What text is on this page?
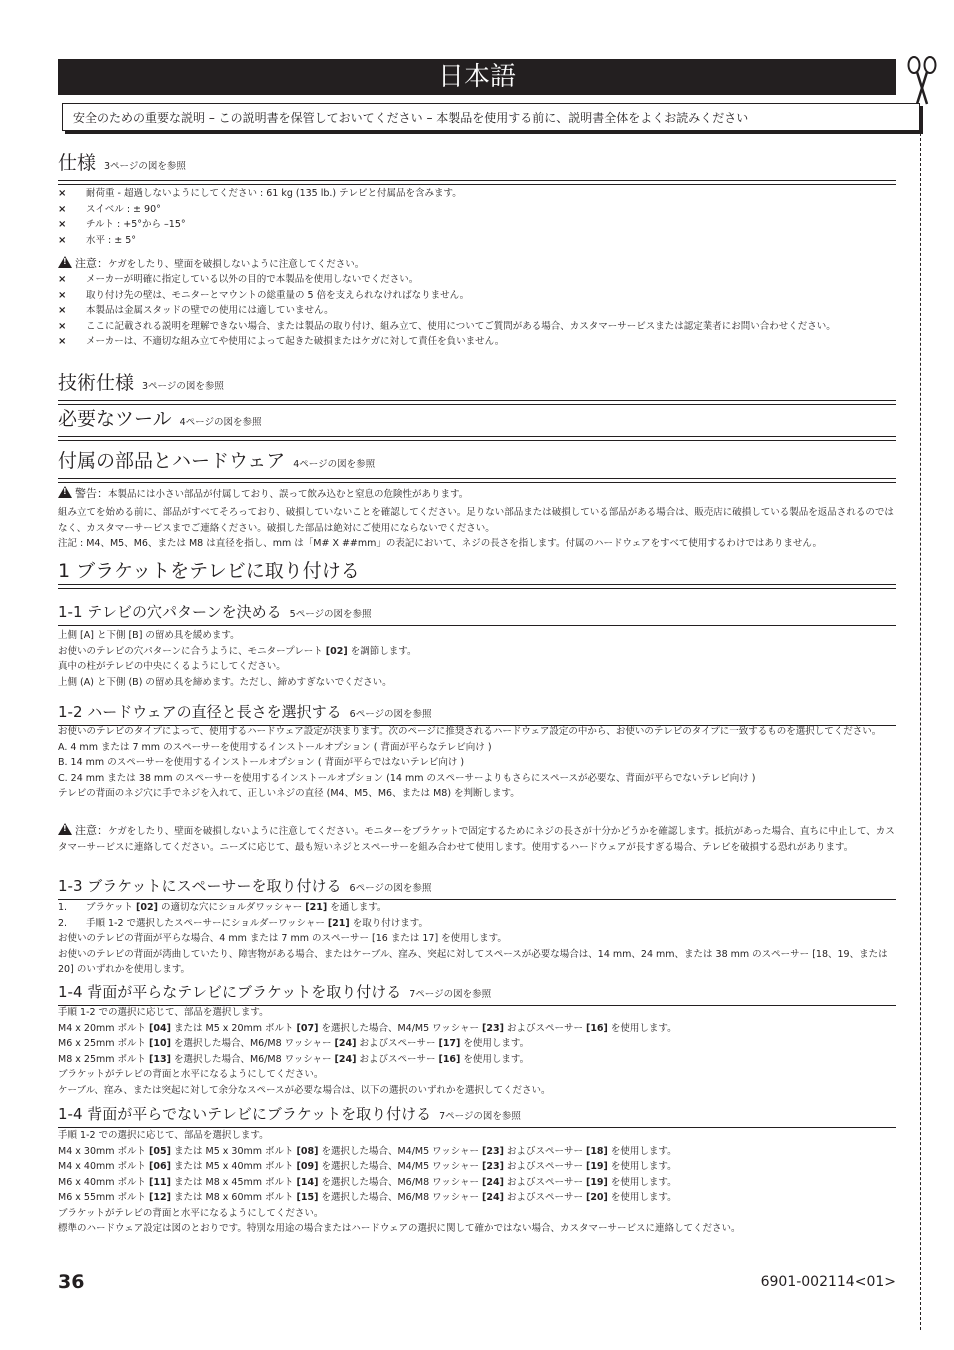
日本語
安全のための重要な説明 – この説明書を保管しておいてください – 本製品を使用する前に、説明書全体をよくお読みください
仕様 3ページの図を参照
× 耐荷重 - 超過しないようにしてください : 61 kg (135 lb.) テレビと付属品を含みます。
× スイベル : ± 90°
× チルト : +5°から –15°
× 水平 : ± 5°
!注意：ケガをしたり、壁面を破損しないように注意してください。
× メーカーが明確に指定している以外の目的で本製品を使用しないでください。
× 取り付け先の壁は、モニターとマウントの総重量の 5 倍を支えられなければなりません。
× 本製品は金属スタッドの壁での使用には適していません。
× ここに記載される説明を理解できない場合、または製品の取り付け、組み立て、使用についてご質問がある場合、カスタマーサービスまたは認定業者にお問い合わせください。
× メーカーは、不適切な組み立てや使用によって起きた破損またはケガに対して責任を負いません。
技術仕様 3ページの図を参照
必要なツール 4ページの図を参照
付属の部品とハードウェア 4ページの図を参照
!警告：本製品には小さい部品が付属しており、誤って飲み込むと窒息の危険性があります。

組み立てを始める前に、部品がすべてそろっており、破損していないことを確認してください。足りない部品または破損している部品がある場合は、販売店に破損している製品を返品されるのではなく、カスタマーサービスまでご連絡ください。破損した部品は絶対にご使用にならないでください。

注記 : M4、M5、M6、または M8 は直径を指し、mm は「M# X ##mm」の表記において、ネジの長さを指します。付属のハードウェアをすべて使用するわけではありません。

1 ブラケットをテレビに取り付ける
1-1 テレビの穴パターンを決める 5ページの図を参照

上側 [A] と下側 [B] の留め具を緩めます。

お使いのテレビの穴パターンに合うように、モニタープレート [02] を調節します。

真中の柱がテレビの中央にくるようにしてください。

上側 (A) と下側 (B) の留め具を締めます。ただし、締めすぎないでください。

1-2 ハードウェアの直径と長さを選択する 6ページの図を参照

お使いのテレビのタイプによって、使用するハードウェア設定が決まります。次のページに推奨されるハードウェア設定の中から、お使いのテレビのタイプに一致するものを選択してください。

A. 4 mm または 7 mm のスペーサーを使用するインストールオプション ( 背面が平らなテレビ向け )

B. 14 mm のスペーサーを使用するインストールオプション ( 背面が平らではないテレビ向け )

C. 24 mm または 38 mm のスペーサーを使用するインストールオプション (14 mm のスペーサーよりもさらにスペースが必要な、背面が平らでないテレビ向け )

テレビの背面のネジ穴に手でネジを入れて、正しいネジの直径 (M4、M5、M6、または M8) を判断します。

!注意：ケガをしたり、壁面を破損しないように注意してください。モニターをブラケットで固定するためにネジの長さが十分かどうかを確認します。抵抗があった場合、直ちに中止して、カスタマーサービスに連絡してください。ニーズに応じて、最も短いネジとスペーサーを組み合わせて使用します。使用するハードウェアが長すぎる場合、テレビを破損する恐れがあります。
1-3 ブラケットにスペーサーを取り付ける 6ページの図を参照
1. ブラケット [02] の適切な穴にショルダワッシャー [21] を通します。
2. 手順 1-2 で選択したスペーサーにショルダーワッシャー [21] を取り付けます。

お使いのテレビの背面が平らな場合、4 mm または 7 mm のスペーサー [16 または 17] を使用します。

お使いのテレビの背面が湾曲していたり、障害物がある場合、またはケーブル、窪み、突起に対してスペースが必要な場合は、14 mm、24 mm、または 38 mm のスペーサー [18、19、または 20] のいずれかを使用します。

1-4 背面が平らなテレビにブラケットを取り付ける 7ページの図を参照

手順 1-2 での選択に応じて、部品を選択します。

M4 x 20mm ボルト [04] または M5 x 20mm ボルト [07] を選択した場合、M4/M5 ワッシャー [23] およびスペーサー [16] を使用します。

M6 x 25mm ボルト [10] を選択した場合、M6/M8 ワッシャー [24] およびスペーサー [17] を使用します。

M8 x 25mm ボルト [13] を選択した場合、M6/M8 ワッシャー [24] およびスペーサー [16] を使用します。

ブラケットがテレビの背面と水平になるようにしてください。

ケーブル、窪み、または突起に対して余分なスペースが必要な場合は、以下の選択のいずれかを選択してください。

1-4 背面が平らでないテレビにブラケットを取り付ける 7ページの図を参照

手順 1-2 での選択に応じて、部品を選択します。

M4 x 30mm ボルト [05] または M5 x 30mm ボルト [08] を選択した場合、M4/M5 ワッシャー [23] およびスペーサー [18] を使用します。

M4 x 40mm ボルト [06] または M5 x 40mm ボルト [09] を選択した場合、M4/M5 ワッシャー [23] およびスペーサー [19] を使用します。

M6 x 40mm ボルト [11] または M8 x 45mm ボルト [14] を選択した場合、M6/M8 ワッシャー [24] およびスペーサー [19] を使用します。

M6 x 55mm ボルト [12] または M8 x 60mm ボルト [15] を選択した場合、M6/M8 ワッシャー [24] およびスペーサー [20] を使用します。

ブラケットがテレビの背面と水平になるようにしてください。

標準のハードウェア設定は図のとおりです。特別な用途の場合またはハードウェアの選択に関して確かではない場合、カスタマーサービスに連絡してください。

36	6901-002114<01>
